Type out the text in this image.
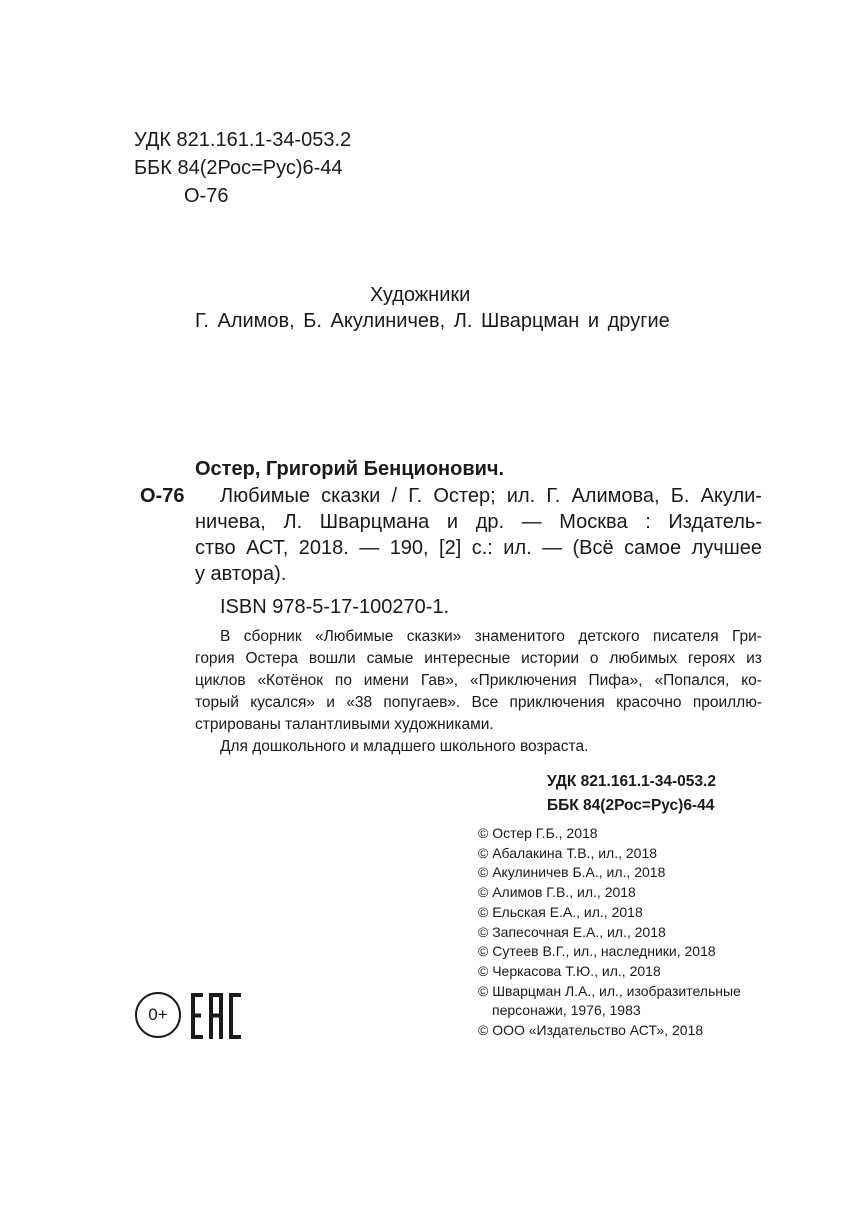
УДК 821.161.1-34-053.2
ББК 84(2Рос=Рус)6-44
О-76
Художники
Г. Алимов, Б. Акулиничев, Л. Шварцман и другие
Остер, Григорий Бенционович.
О-76 Любимые сказки / Г. Остер; ил. Г. Алимова, Б. Акули-
ничева, Л. Шварцмана и др. — Москва : Издатель-
ство АСТ, 2018. — 190, [2] с.: ил. — (Всё самое лучшее
у автора).
ISBN 978-5-17-100270-1.
В сборник «Любимые сказки» знаменитого детского писателя Гри-
гория Остера вошли самые интересные истории о любимых героях из
циклов «Котёнок по имени Гав», «Приключения Пифа», «Попался, ко-
торый кусался» и «38 попугаев». Все приключения красочно проиллю-
стрированы талантливыми художниками.
Для дошкольного и младшего школьного возраста.
УДК 821.161.1-34-053.2
ББК 84(2Рос=Рус)6-44
© Остер Г.Б., 2018
© Абалакина Т.В., ил., 2018
© Акулиничев Б.А., ил., 2018
© Алимов Г.В., ил., 2018
© Ельская Е.А., ил., 2018
© Запесочная Е.А., ил., 2018
© Сутеев В.Г., ил., наследники, 2018
© Черкасова Т.Ю., ил., 2018
© Шварцман Л.А., ил., изобразительные
персонажи, 1976, 1983
© ООО «Издательство АСТ», 2018
0+
